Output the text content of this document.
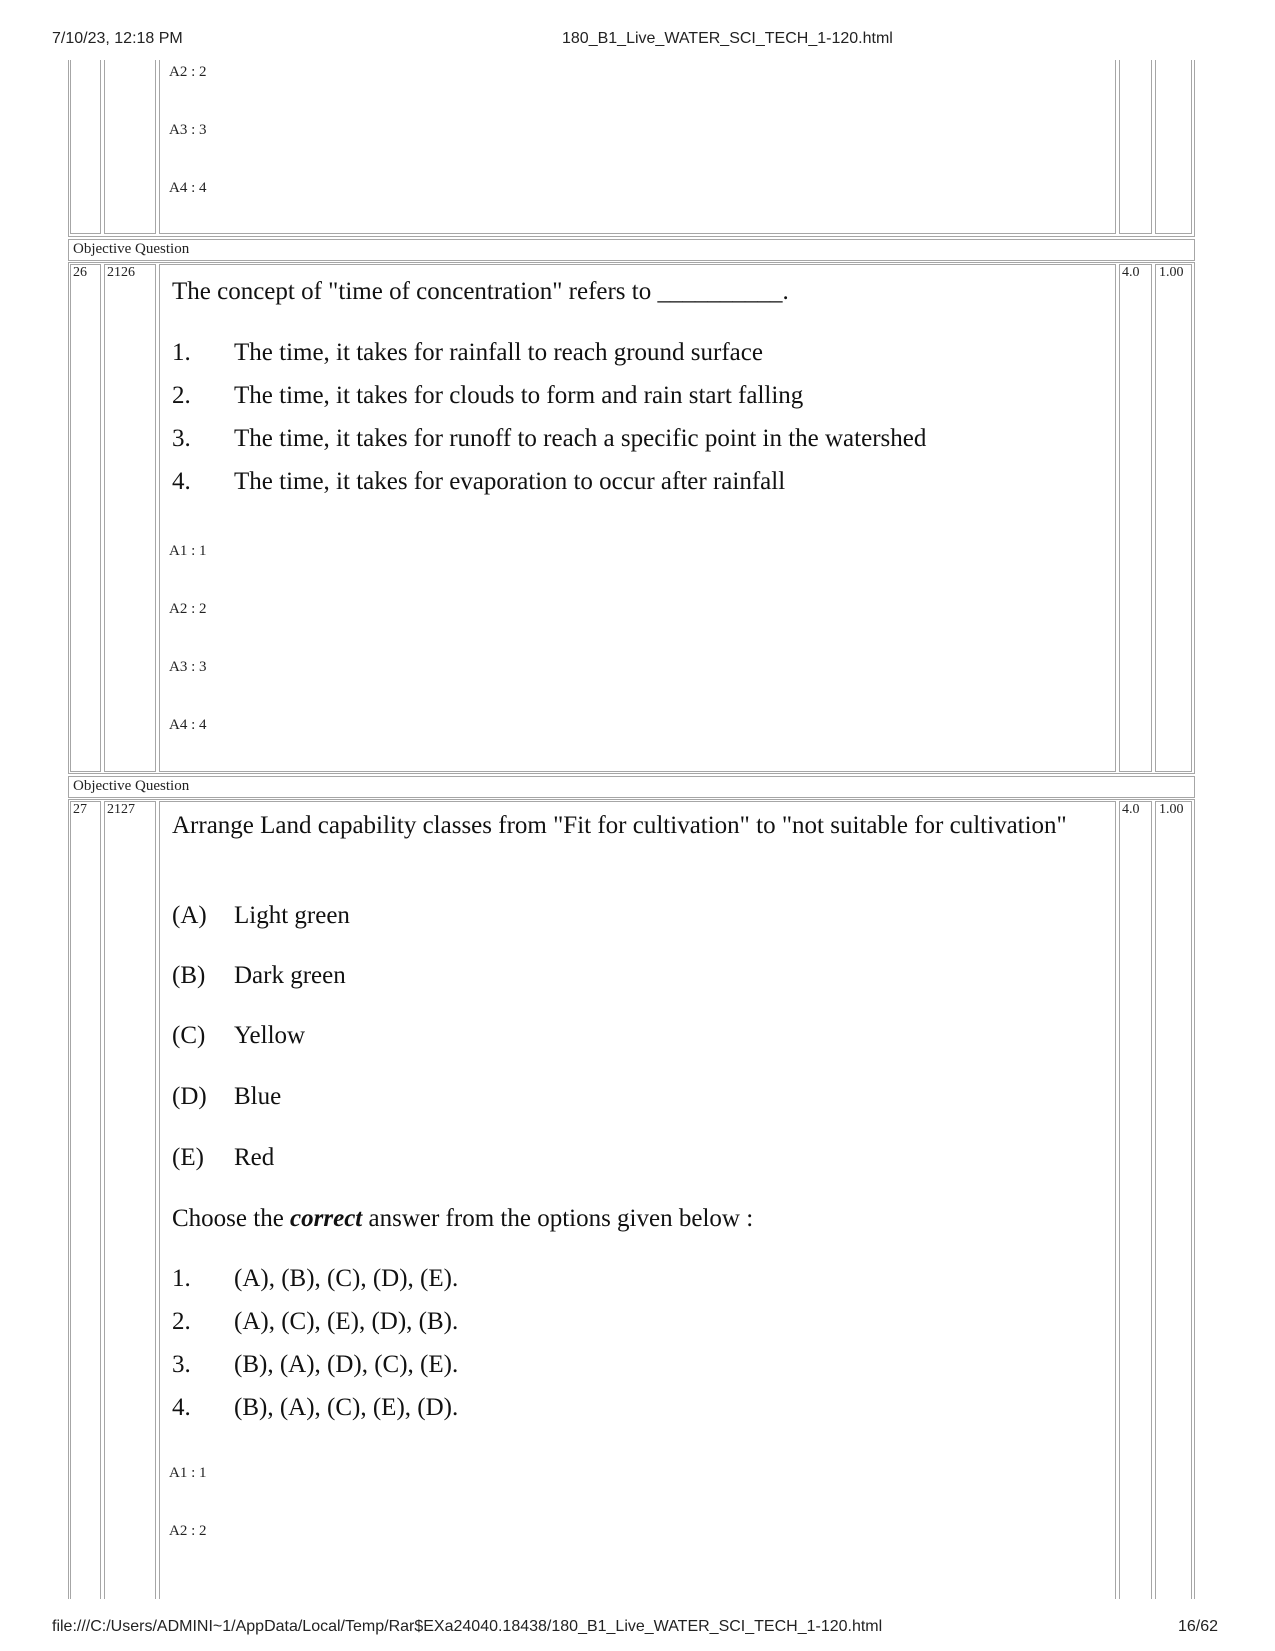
7/10/23, 12:18 PM	180_B1_Live_WATER_SCI_TECH_1-120.html
A2 : 2
A3 : 3
A4 : 4
Objective Question
26 2126	4.0 1.00
The concept of "time of concentration" refers to __________.
1. The time, it takes for rainfall to reach ground surface
2. The time, it takes for clouds to form and rain start falling
3. The time, it takes for runoff to reach a specific point in the watershed
4. The time, it takes for evaporation to occur after rainfall
A1 : 1
A2 : 2
A3 : 3
A4 : 4
Objective Question
27 2127	4.0 1.00
Arrange Land capability classes from "Fit for cultivation" to "not suitable for cultivation"
(A) Light green
(B) Dark green
(C) Yellow
(D) Blue
(E) Red
Choose the correct answer from the options given below :
1. (A), (B), (C), (D), (E).
2. (A), (C), (E), (D), (B).
3. (B), (A), (D), (C), (E).
4. (B), (A), (C), (E), (D).
A1 : 1
A2 : 2
file:///C:/Users/ADMINI~1/AppData/Local/Temp/Rar$EXa24040.18438/180_B1_Live_WATER_SCI_TECH_1-120.html	16/62
